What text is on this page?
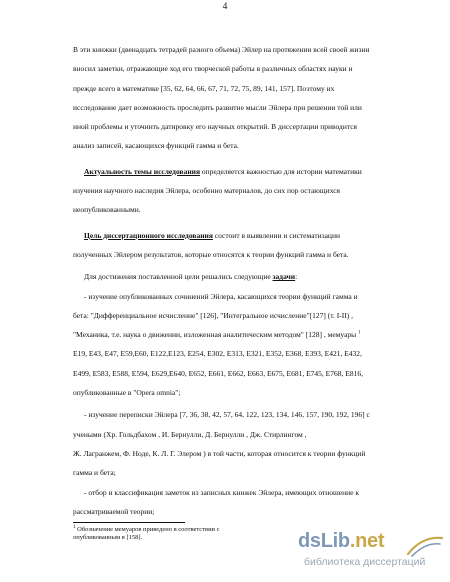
4
В эти книжки (двенадцать тетрадей разного объема) Эйлер на протяжении всей своей жизни
вносил заметки, отражающие ход его творческой работы в различных областях науки и
прежде всего в математике [35, 62, 64, 66, 67, 71, 72, 75, 89, 141, 157]. Поэтому их
исследование дает возможность проследить развитие мысли Эйлера при решении той или
иной проблемы и уточнить датировку его научных открытий. В диссертации приводится
анализ записей, касающихся функций гамма и бета.
Актуальность темы исследования определяется важностью для истории математики
изучения научного наследия Эйлера, особенно материалов, до сих пор остающихся
неопубликованными.
Цель диссертационного исследования состоит в выявлении и систематизации
полученных Эйлером результатов, которые относятся к теории функций гамма и бета.
Для достижения поставленной цели решались следующие задачи:
- изучение опубликованных сочинений Эйлера, касающихся теории функций гамма и
бета: "Дифференциальное исчисление" [126], "Интегральное исчисление"[127] (т. I-II) ,
"Механика, т.е. наука о движении, изложенная аналитическим методом" [128] , мемуары $^1$
E19, E43, E47, E59,E60, E122,E123, E254, E302, E313, E321, E352, E368, E393, E421, E432,
E499, E583, E588, E594, E629,E640, E652, E661, E662, E663, E675, E681, E745, E768, E816,
опубликованные в "Opera omnia";
- изучение переписки Эйлера [7, 36, 38, 42, 57, 64, 122, 123, 134, 146, 157, 190, 192, 196] с
учеными (Хр. Гольдбахом , И. Бернулли, Д. Бернулли , Дж. Стирлингом ,
Ж. Лагранжем, Ф. Ноде, К. Л. Г. Элером ) в той части, которая относится к теории функций
гамма и бета;
- отбор и классификация заметок из записных книжек Эйлера, имеющих отношение к
рассматриваемой теории;
$^1$ Обозначение мемуаров приведено в соответствии с
опубликованным в [158].	dsLib.net
библиотека диссертаций
